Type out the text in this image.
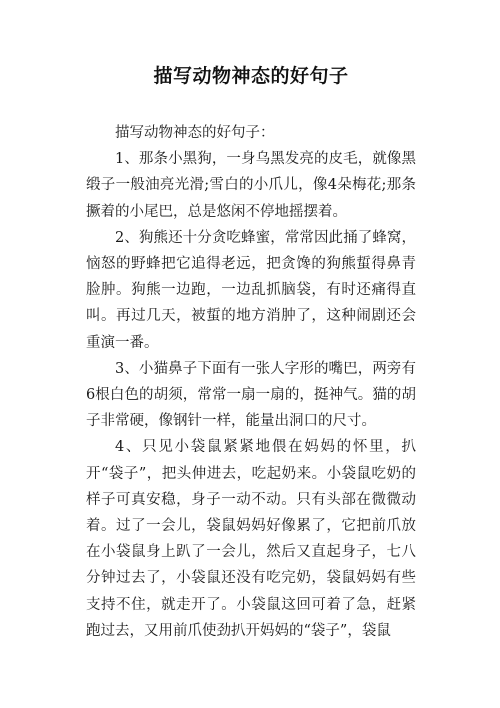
描写动物神态的好句子

描写动物神态的好句子：

1、那条小黑狗，一身乌黑发亮的皮毛，就像黑缎子一般油亮光滑;雪白的小爪儿，像4朵梅花;那条撅着的小尾巴，总是悠闲不停地摇摆着。

2、狗熊还十分贪吃蜂蜜，常常因此捅了蜂窝，恼怒的野蜂把它追得老远，把贪馋的狗熊蜇得鼻青脸肿。狗熊一边跑，一边乱抓脑袋，有时还痛得直叫。再过几天，被蜇的地方消肿了，这种闹剧还会重演一番。

3、小猫鼻子下面有一张人字形的嘴巴，两旁有6根白色的胡须，常常一扇一扇的，挺神气。猫的胡子非常硬，像钢针一样，能量出洞口的尺寸。

4、只见小袋鼠紧紧地偎在妈妈的怀里，扒开“袋子”，把头伸进去，吃起奶来。小袋鼠吃奶的样子可真安稳，身子一动不动。只有头部在微微动着。过了一会儿，袋鼠妈妈好像累了，它把前爪放在小袋鼠身上趴了一会儿，然后又直起身子，七八分钟过去了，小袋鼠还没有吃完奶，袋鼠妈妈有些支持不住，就走开了。小袋鼠这回可着了急，赶紧跑过去，又用前爪使劲扒开妈妈的“袋子”，袋鼠
